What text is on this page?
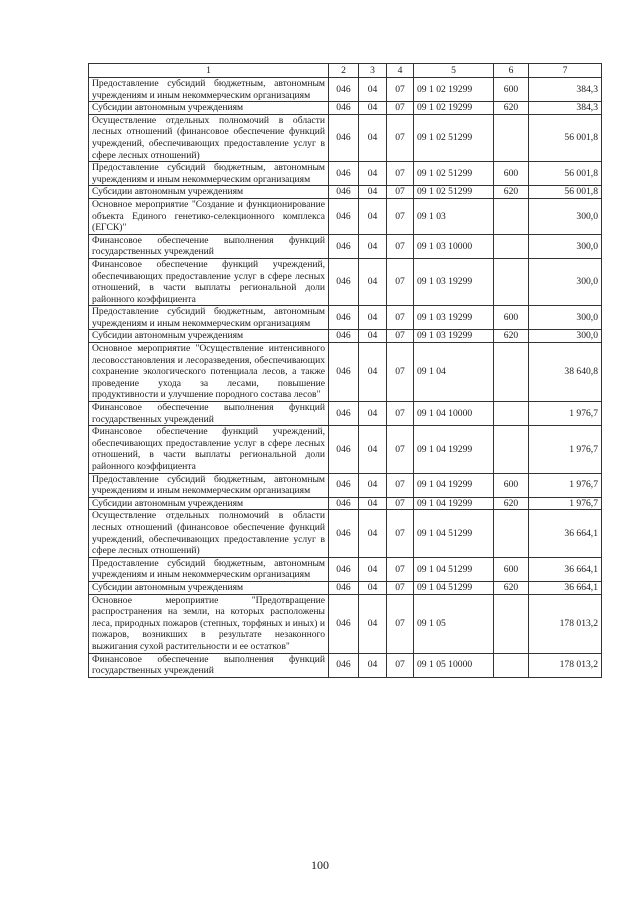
1	2	3	4	5	6	7
Предоставление субсидий бюджетным, автономным учреждениям и иным некоммерческим организациям	046	04	07	09 1 02 19299	600	384,3
Субсидии автономным учреждениям	046	04	07	09 1 02 19299	620	384,3
Осуществление отдельных полномочий в области лесных отношений (финансовое обеспечение функций учреждений, обеспечивающих предоставление услуг в сфере лесных отношений)	046	04	07	09 1 02 51299		56 001,8
Предоставление субсидий бюджетным, автономным учреждениям и иным некоммерческим организациям	046	04	07	09 1 02 51299	600	56 001,8
Субсидии автономным учреждениям	046	04	07	09 1 02 51299	620	56 001,8
Основное мероприятие "Создание и функционирование объекта Единого генетико-селекционного комплекса (ЕГСК)"	046	04	07	09 1 03		300,0
Финансовое обеспечение выполнения функций государственных учреждений	046	04	07	09 1 03 10000		300,0
Финансовое обеспечение функций учреждений, обеспечивающих предоставление услуг в сфере лесных отношений, в части выплаты региональной доли районного коэффициента	046	04	07	09 1 03 19299		300,0
Предоставление субсидий бюджетным, автономным учреждениям и иным некоммерческим организациям	046	04	07	09 1 03 19299	600	300,0
Субсидии автономным учреждениям	046	04	07	09 1 03 19299	620	300,0
Основное мероприятие "Осуществление интенсивного лесовосстановления и лесоразведения, обеспечивающих сохранение экологического потенциала лесов, а также проведение ухода за лесами, повышение продуктивности и улучшение породного состава лесов"	046	04	07	09 1 04		38 640,8
Финансовое обеспечение выполнения функций государственных учреждений	046	04	07	09 1 04 10000		1 976,7
Финансовое обеспечение функций учреждений, обеспечивающих предоставление услуг в сфере лесных отношений, в части выплаты региональной доли районного коэффициента	046	04	07	09 1 04 19299		1 976,7
Предоставление субсидий бюджетным, автономным учреждениям и иным некоммерческим организациям	046	04	07	09 1 04 19299	600	1 976,7
Субсидии автономным учреждениям	046	04	07	09 1 04 19299	620	1 976,7
Осуществление отдельных полномочий в области лесных отношений (финансовое обеспечение функций учреждений, обеспечивающих предоставление услуг в сфере лесных отношений)	046	04	07	09 1 04 51299		36 664,1
Предоставление субсидий бюджетным, автономным учреждениям и иным некоммерческим организациям	046	04	07	09 1 04 51299	600	36 664,1
Субсидии автономным учреждениям	046	04	07	09 1 04 51299	620	36 664,1
Основное мероприятие "Предотвращение распространения на земли, на которых расположены леса, природных пожаров (степных, торфяных и иных) и пожаров, возникших в результате незаконного выжигания сухой растительности и ее остатков"	046	04	07	09 1 05		178 013,2
Финансовое обеспечение выполнения функций государственных учреждений	046	04	07	09 1 05 10000		178 013,2
100
